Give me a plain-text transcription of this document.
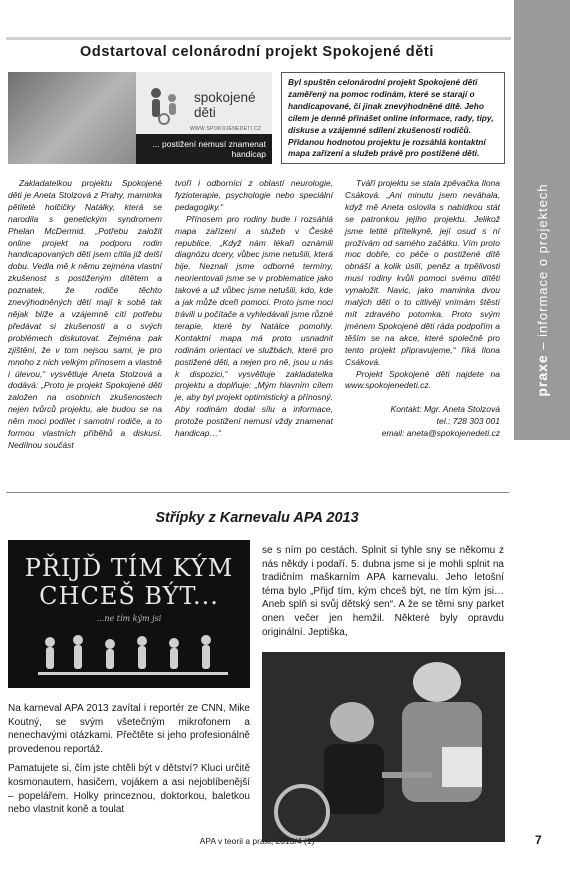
praxe – informace o projektech
Odstartoval celonárodní projekt Spokojené děti
spokojené děti
WWW.SPOKOJENEDETI.CZ
... postižení nemusí znamenat handicap
Byl spuštěn celonárodní projekt Spokojené děti zaměřený na pomoc rodinám, které se starají o handicapované, či jinak znevýhodněné dítě. Jeho cílem je denně přinášet online informace, rady, tipy, diskuse a vzájemné sdílení zkušeností rodičů. Přidanou hodnotou projektu je rozsáhlá kontaktní mapa zařízení a služeb právě pro postižené děti.

Zakladatelkou projektu Spokojené děti je Aneta Stolzová z Prahy, maminka pětileté holčičky Natálky, která se narodila s genetickým syndromem Phelan McDermid. „Potřebu založit online projekt na podporu rodin handicapovaných dětí jsem cítila již delší dobu. Vedla mě k němu zejména vlastní zkušenost s postiženým dítětem a poznatek, že rodiče těchto znevýhodněných dětí mají k sobě tak nějak blíže a vzájemně cítí potřebu předávat si zkušenosti a o svých problémech diskutovat. Zejména pak zjištění, že v tom nejsou sami, je pro mnoho z nich velkým přínosem a vlastně i úlevou,“ vysvětluje Aneta Stolzová a dodává: „Proto je projekt Spokojené děti založen na osobních zkušenostech nejen tvůrců projektu, ale budou se na něm moci podílet i samotní rodiče, a to formou vlastních příběhů a diskusí. Nedílnou součást

tvoří i odborníci z oblastí neurologie, fyzioterapie, psychologie nebo speciální pedagogiky.“

Přínosem pro rodiny bude i rozsáhlá mapa zařízení a služeb v České republice. „Když nám lékaři oznámili diagnózu dcery, vůbec jsme netušili, která bije. Neznali jsme odborné termíny, neorientovali jsme se v problematice jako takové a už vůbec jsme netušili, kdo, kde a jak může dceři pomoci. Proto jsme noci trávili u počítače a vyhledávali jsme různé terapie, které by Natálce pomohly. Kontaktní mapa má proto usnadnit rodinám orientaci ve službách, které pro postižené děti, a nejen pro ně, jsou u nás k dispozici,“ vysvětluje zakladatelka projektu a doplňuje: „Mým hlavním cílem je, aby byl projekt optimistický a přínosný. Aby rodinám dodal sílu a informace, protože postižení nemusí vždy znamenat handicap…“

Tváří projektu se stala zpěvačka Ilona Csáková. „Ani minutu jsem neváhala, když mě Aneta oslovila s nabídkou stát se patronkou jejího projektu. Jelikož jsme letité přítelkyně, její osud s ní prožívám od samého začátku. Vím proto moc dobře, co péče o postižené dítě obnáší a kolik úsilí, peněz a trpělivosti musí rodiny kvůli pomoci svému dítěti vynaložit. Navic, jako maminka dvou malých dětí o to citlivěji vnímám štěstí mít zdravého potomka. Proto svým jménem Spokojené děti ráda podpořím a těším se na akce, které společně pro tento projekt připravujeme,“ říká Ilona Csáková.

Projekt Spokojené děti najdete na www.spokojenedeti.cz.

Kontakt: Mgr. Aneta Stolzová

tel.: 728 303 001

email: aneta@spokojenedeti.cz

Střípky z Karnevalu APA 2013
PŘIJĎ TÍM KÝM
CHCEŠ BÝT...
...ne tím kým jsi

se s ním po cestách. Splnit si tyhle sny se někomu z nás někdy i podaří. 5. dubna jsme si je mohli splnit na tradičním maškarním APA karnevalu. Jeho letošní téma bylo „Přijď tím, kým chceš být, ne tím kým jsi… Aneb splň si svůj dětský sen“. A že se těmi sny parket onen večer jen hemžil. Některé byly opravdu originální. Jeptiška,

Na karneval APA 2013 zavítal i reportér ze CNN, Mike Koutný, se svým všetečným mikrofonem a nenechavými otázkami. Přečtěte si jeho profesionálně provedenou reportáž.

Pamatujete si, čím jste chtěli být v dětství? Kluci určitě kosmonautem, hasičem, vojákem a asi nejoblíbenější – popelářem. Holky princeznou, doktorkou, baletkou nebo vlastnit koně a toulat

APA v teorii a praxi, 2013/4 (1)	7
